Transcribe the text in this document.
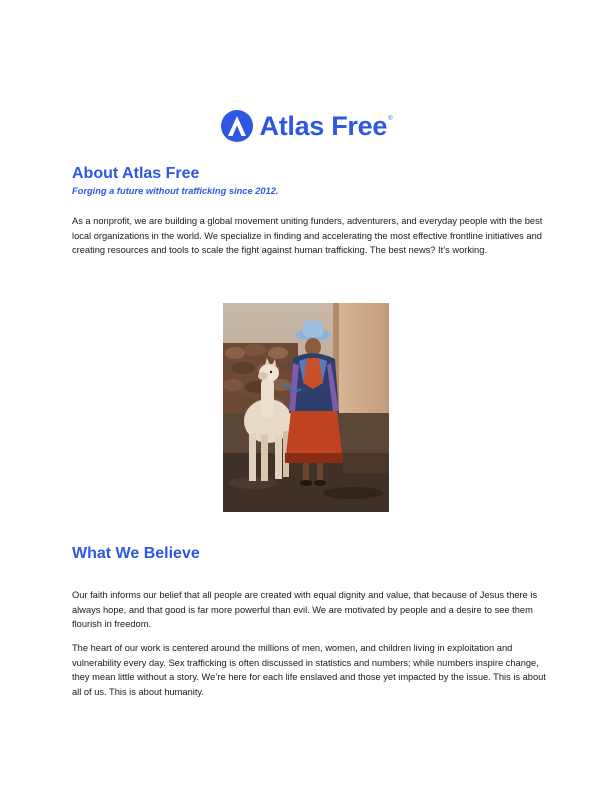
Atlas Free ®
About Atlas Free

Forging a future without trafficking since 2012.

As a nonprofit, we are building a global movement uniting funders, adventurers, and everyday people with the best local organizations in the world. We specialize in finding and accelerating the most effective frontline initiatives and creating resources and tools to scale the fight against human trafficking. The best news? It’s working.

What We Believe

Our faith informs our belief that all people are created with equal dignity and value, that because of Jesus there is always hope, and that good is far more powerful than evil. We are motivated by people and a desire to see them flourish in freedom.

The heart of our work is centered around the millions of men, women, and children living in exploitation and vulnerability every day. Sex trafficking is often discussed in statistics and numbers; while numbers inspire change, they mean little without a story. We’re here for each life enslaved and those yet impacted by the issue. This is about all of us. This is about humanity.
